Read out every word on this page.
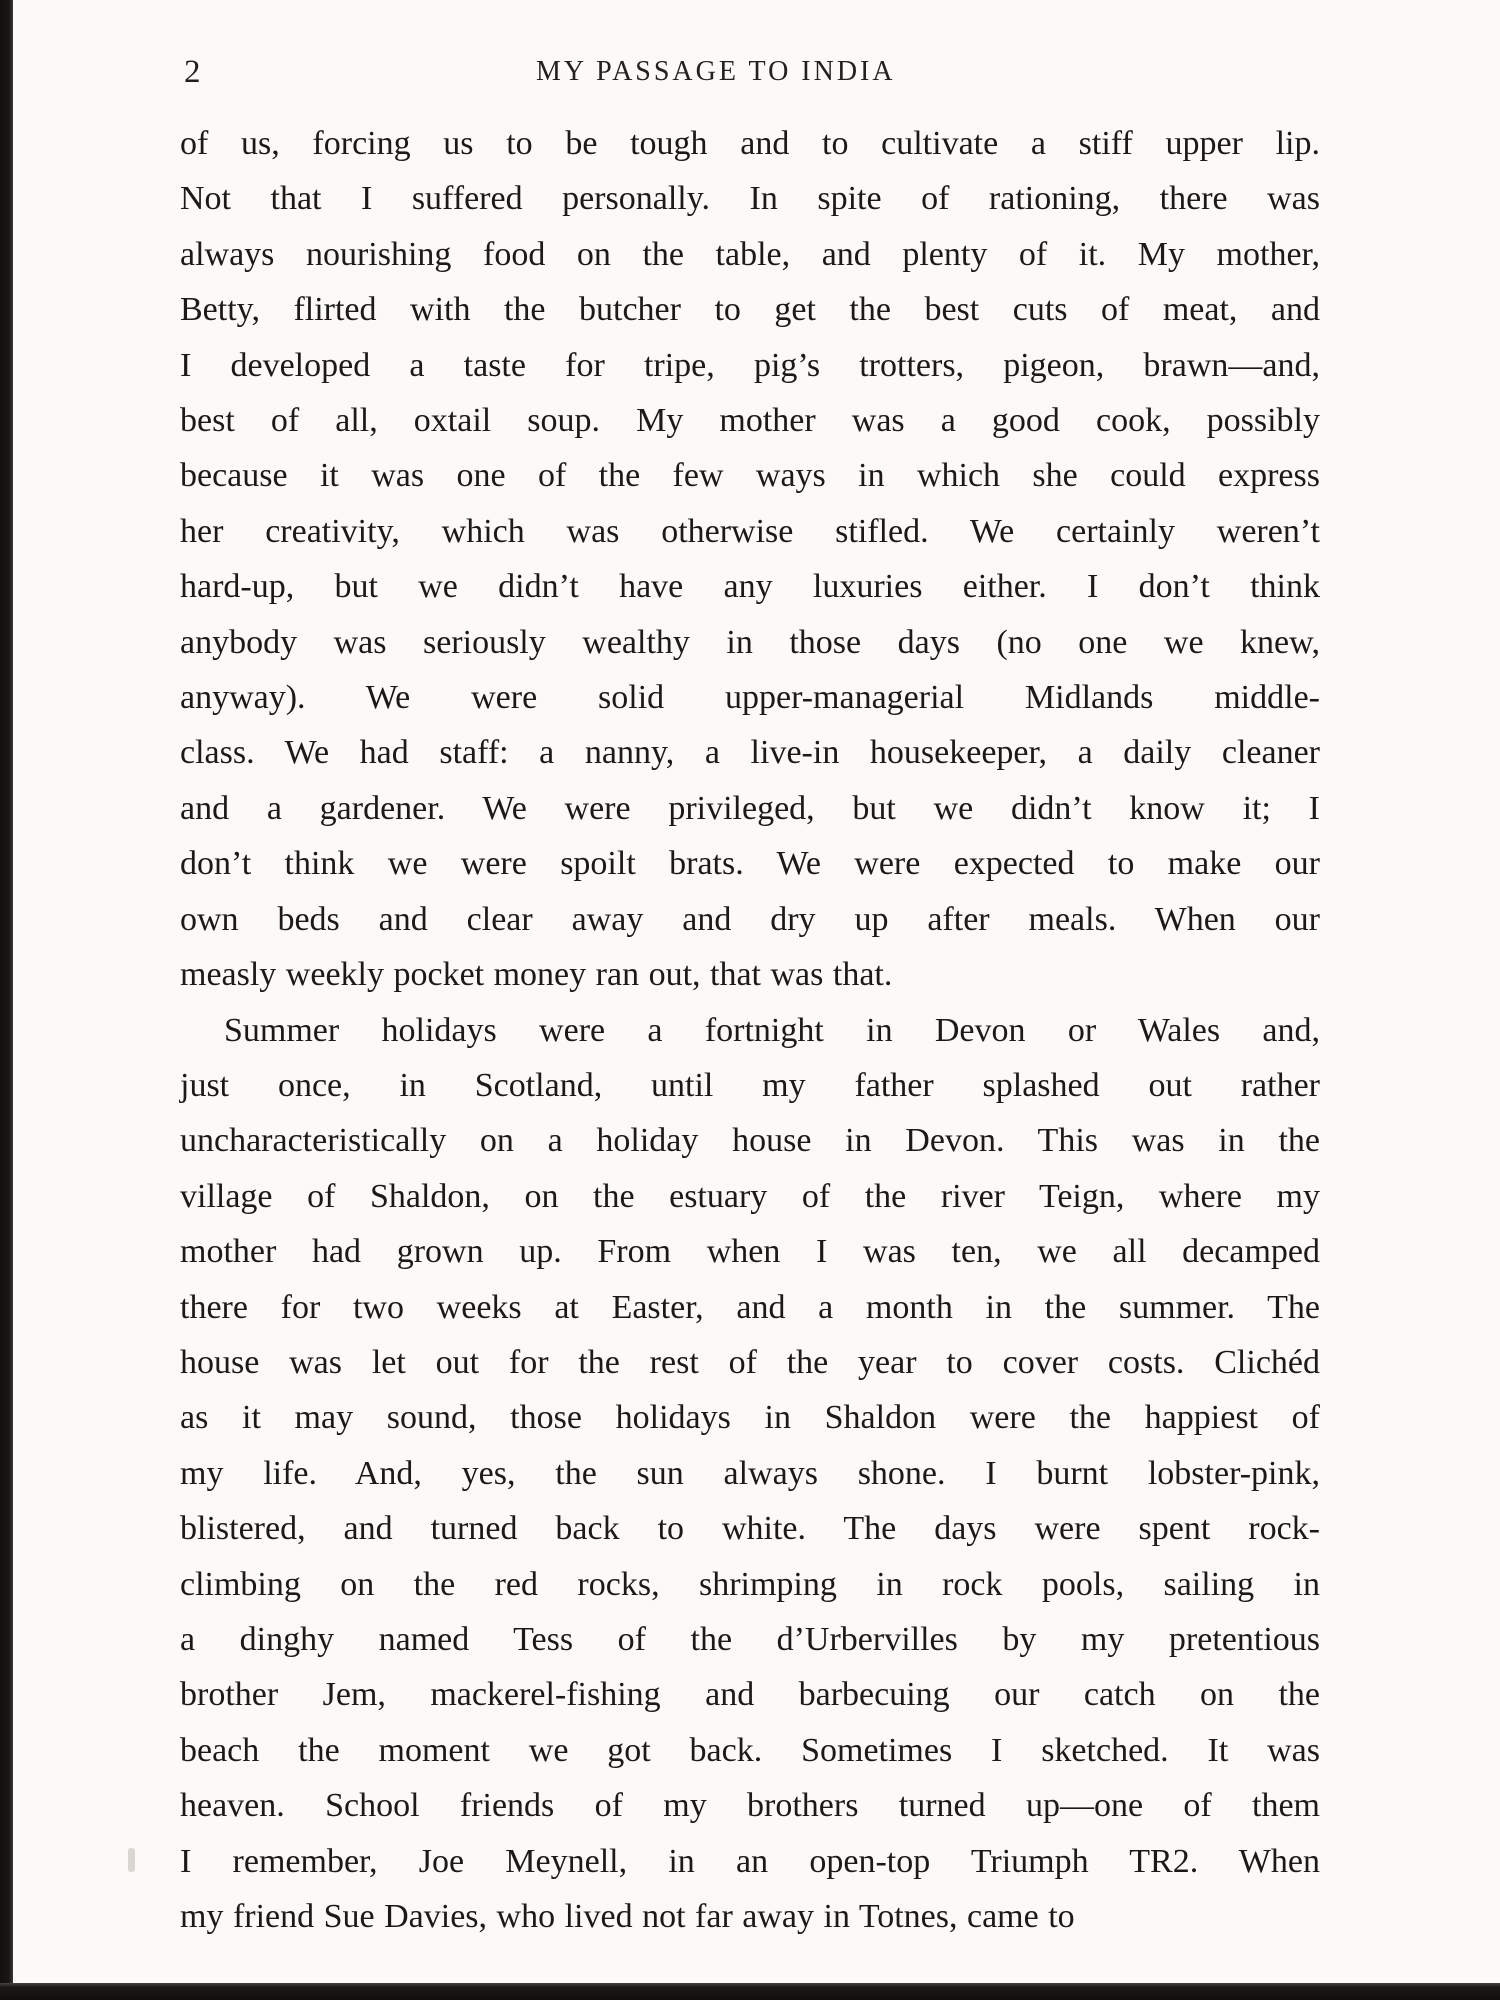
2	MY PASSAGE TO INDIA
of us, forcing us to be tough and to cultivate a stiff upper lip.
Not that I suffered personally. In spite of rationing, there was
always nourishing food on the table, and plenty of it. My mother,
Betty, flirted with the butcher to get the best cuts of meat, and
I developed a taste for tripe, pig’s trotters, pigeon, brawn—and,
best of all, oxtail soup. My mother was a good cook, possibly
because it was one of the few ways in which she could express
her creativity, which was otherwise stifled. We certainly weren’t
hard-up, but we didn’t have any luxuries either. I don’t think
anybody was seriously wealthy in those days (no one we knew,
anyway). We were solid upper-managerial Midlands middle-
class. We had staff: a nanny, a live-in housekeeper, a daily cleaner
and a gardener. We were privileged, but we didn’t know it; I
don’t think we were spoilt brats. We were expected to make our
own beds and clear away and dry up after meals. When our
measly weekly pocket money ran out, that was that.
Summer holidays were a fortnight in Devon or Wales and,
just once, in Scotland, until my father splashed out rather
uncharacteristically on a holiday house in Devon. This was in the
village of Shaldon, on the estuary of the river Teign, where my
mother had grown up. From when I was ten, we all decamped
there for two weeks at Easter, and a month in the summer. The
house was let out for the rest of the year to cover costs. Clichéd
as it may sound, those holidays in Shaldon were the happiest of
my life. And, yes, the sun always shone. I burnt lobster-pink,
blistered, and turned back to white. The days were spent rock-
climbing on the red rocks, shrimping in rock pools, sailing in
a dinghy named Tess of the d’Urbervilles by my pretentious
brother Jem, mackerel-fishing and barbecuing our catch on the
beach the moment we got back. Sometimes I sketched. It was
heaven. School friends of my brothers turned up—one of them
I remember, Joe Meynell, in an open-top Triumph TR2. When
my friend Sue Davies, who lived not far away in Totnes, came to
